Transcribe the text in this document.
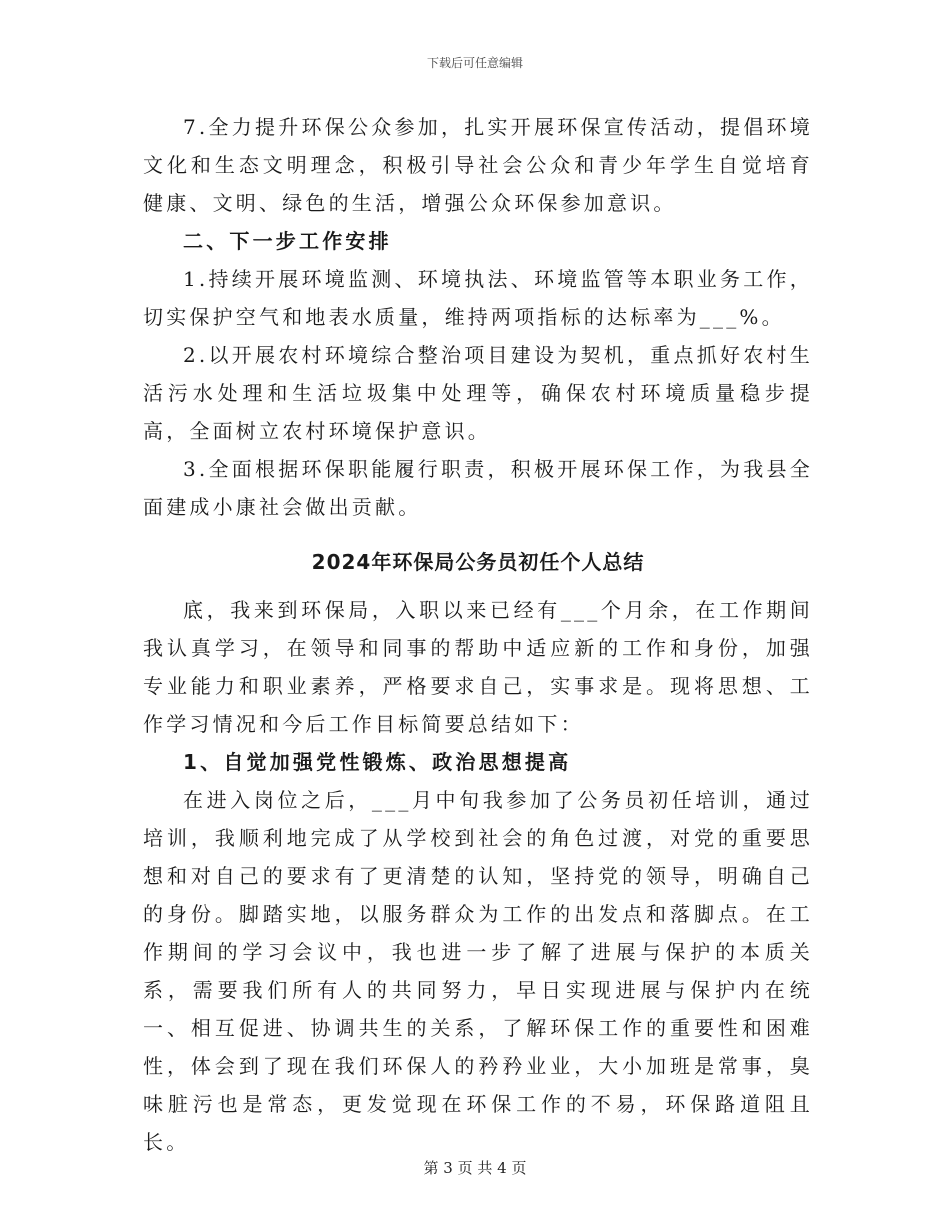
下载后可任意编辑

7.全力提升环保公众参加，扎实开展环保宣传活动，提倡环境文化和生态文明理念，积极引导社会公众和青少年学生自觉培育健康、文明、绿色的生活，增强公众环保参加意识。

二、下一步工作安排

1.持续开展环境监测、环境执法、环境监管等本职业务工作，切实保护空气和地表水质量，维持两项指标的达标率为___%。

2.以开展农村环境综合整治项目建设为契机，重点抓好农村生活污水处理和生活垃圾集中处理等，确保农村环境质量稳步提高，全面树立农村环境保护意识。

3.全面根据环保职能履行职责，积极开展环保工作，为我县全面建成小康社会做出贡献。

2024年环保局公务员初任个人总结

底，我来到环保局，入职以来已经有___个月余，在工作期间我认真学习，在领导和同事的帮助中适应新的工作和身份，加强专业能力和职业素养，严格要求自己，实事求是。现将思想、工作学习情况和今后工作目标简要总结如下：

1、自觉加强党性锻炼、政治思想提高

在进入岗位之后，___月中旬我参加了公务员初任培训，通过培训，我顺利地完成了从学校到社会的角色过渡，对党的重要思想和对自己的要求有了更清楚的认知，坚持党的领导，明确自己的身份。脚踏实地，以服务群众为工作的出发点和落脚点。在工作期间的学习会议中，我也进一步了解了进展与保护的本质关系，需要我们所有人的共同努力，早日实现进展与保护内在统一、相互促进、协调共生的关系，了解环保工作的重要性和困难性，体会到了现在我们环保人的矜矜业业，大小加班是常事，臭味脏污也是常态，更发觉现在环保工作的不易，环保路道阻且长。

第 3 页 共 4 页
